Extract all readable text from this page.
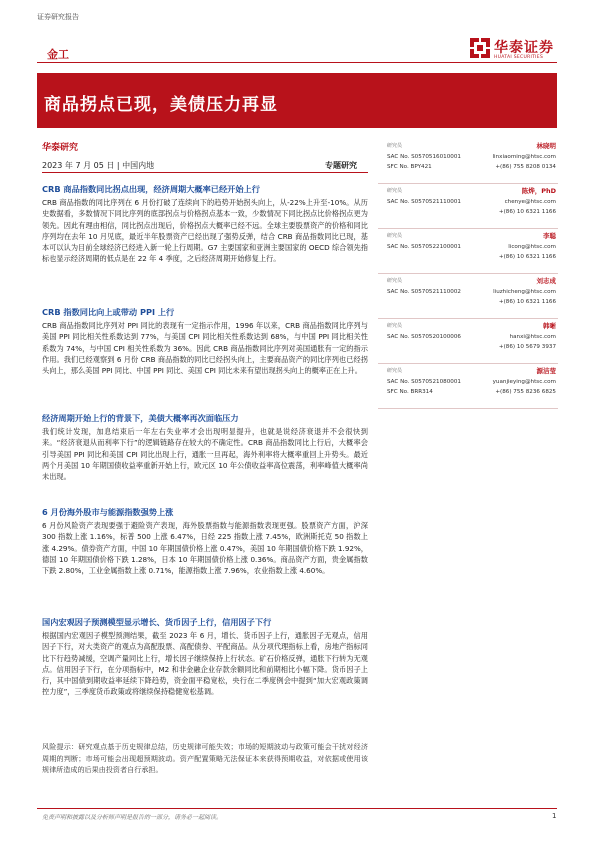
证券研究报告
金工	华泰证券
HUATAI SECURITIES
商品拐点已现，美债压力再显
华泰研究
2023 年 7 月 05 日 | 中国内地	专题研究
CRB 商品指数同比拐点出现，经济周期大概率已经开始上行
CRB 商品指数的同比序列在 6 月份打破了连续向下的趋势开始拐头向上，从-22%上升至-10%。从历史数据看，多数情况下同比序列的底部拐点与价格拐点基本一致，少数情况下同比拐点比价格拐点更为领先。因此有理由相信，同比拐点出现后，价格拐点大概率已经不远。全球主要股票资产的价格和同比序列均在去年 10 月见底，最近半年股票资产已经出现了强势反弹，结合 CRB 商品指数同比已现，基本可以认为目前全球经济已经进入新一轮上行周期。G7 主要国家和亚洲主要国家的 OECD 综合领先指标也显示经济周期的低点是在 22 年 4 季度，之后经济周期开始修复上行。
CRB 指数同比向上或带动 PPI 上行
CRB 商品指数同比序列对 PPI 同比的表现有一定指示作用，1996 年以来，CRB 商品指数同比序列与美国 PPI 同比相关性系数达到 77%，与美国 CPI 同比相关性系数达到 68%，与中国 PPI 同比相关性系数为 74%，与中国 CPI 相关性系数为 36%。因此 CRB 商品指数同比序列对美国通胀有一定的指示作用。我们已经观察到 6 月份 CRB 商品指数的同比已经拐头向上，主要商品资产的同比序列也已经拐头向上，那么美国 PPI 同比、中国 PPI 同比、美国 CPI 同比未来有望出现拐头向上的概率正在上升。
经济周期开始上行的背景下，美债大概率再次面临压力
我们统计发现，加息结束后一年左右失业率才会出现明显提升，也就是说经济衰退并不会很快到来。“经济衰退从而利率下行”的逻辑链路存在较大的不确定性。CRB 商品指数同比上行后，大概率会引导美国 PPI 同比和美国 CPI 同比出现上行，通胀一旦再起，海外利率将大概率重回上升势头。最近两个月美国 10 年期国债收益率重新开始上行，欧元区 10 年公债收益率高位震荡，利率峰值大概率尚未出现。
6 月份海外股市与能源指数强势上涨
6 月份风险资产表现要强于避险资产表现，海外股票指数与能源指数表现更强。股票资产方面，沪深 300 指数上涨 1.16%，标普 500 上涨 6.47%，日经 225 指数上涨 7.45%，欧洲斯托克 50 指数上涨 4.29%。债券资产方面，中国 10 年期国债价格上涨 0.47%，美国 10 年期国债价格下跌 1.92%，德国 10 年期国债价格下跌 1.28%，日本 10 年期国债价格上涨 0.36%。商品资产方面，贵金属指数下跌 2.80%，工业金属指数上涨 0.71%，能源指数上涨 7.96%，农业指数上涨 4.60%。
国内宏观因子预测模型显示增长、货币因子上行，信用因子下行
根据国内宏观因子模型预测结果，截至 2023 年 6 月，增长、货币因子上行，通胀因子无观点，信用因子下行，对大类资产的观点为高配股票、高配债券、平配商品。从分项代理指标上看，房地产指标同比下行趋势减缓，空调产量同比上行，增长因子继续保持上行状态。矿石价格反弹，通胀下行转为无观点。信用因子下行，在分项指标中，M2 和非金融企业存款余额同比和前期相比小幅下降。货币因子上行，其中国债到期收益率延续下降趋势，资金面平稳宽松，央行在二季度例会中提到“加大宏观政策调控力度”，三季度货币政策或将继续保持稳健宽松基调。
风险提示：研究观点基于历史规律总结，历史规律可能失效；市场的短期波动与政策可能会干扰对经济周期的判断；市场可能会出现超预期波动。资产配置策略无法保证本来获得预期收益，对依据或使用该规律所造成的后果由投资者自行承担。
研究员	林晓明
SAC No. S0570516010001
SFC No. BPY421
linxiaoming@htsc.com
+(86) 755 8208 0134
研究员	陈烨，PhD
SAC No. S0570521110001	chenye@htsc.com
+(86) 10 6321 1166
研究员	李聪
SAC No. S0570522100001	licong@htsc.com
+(86) 10 6321 1166
研究员	刘志成
SAC No. S0570521110002	liuzhicheng@htsc.com
+(86) 10 6321 1166
研究员	韩晰
SAC No. S0570520100006	hanxi@htsc.com
+(86) 10 5679 3937
研究员	源洁莹
SAC No. S0570521080001
SFC No. BRR314
yuanjieying@htsc.com
+(86) 755 8236 6825
免责声明和披露以及分析师声明是报告的一部分，请务必一起阅读。	1
